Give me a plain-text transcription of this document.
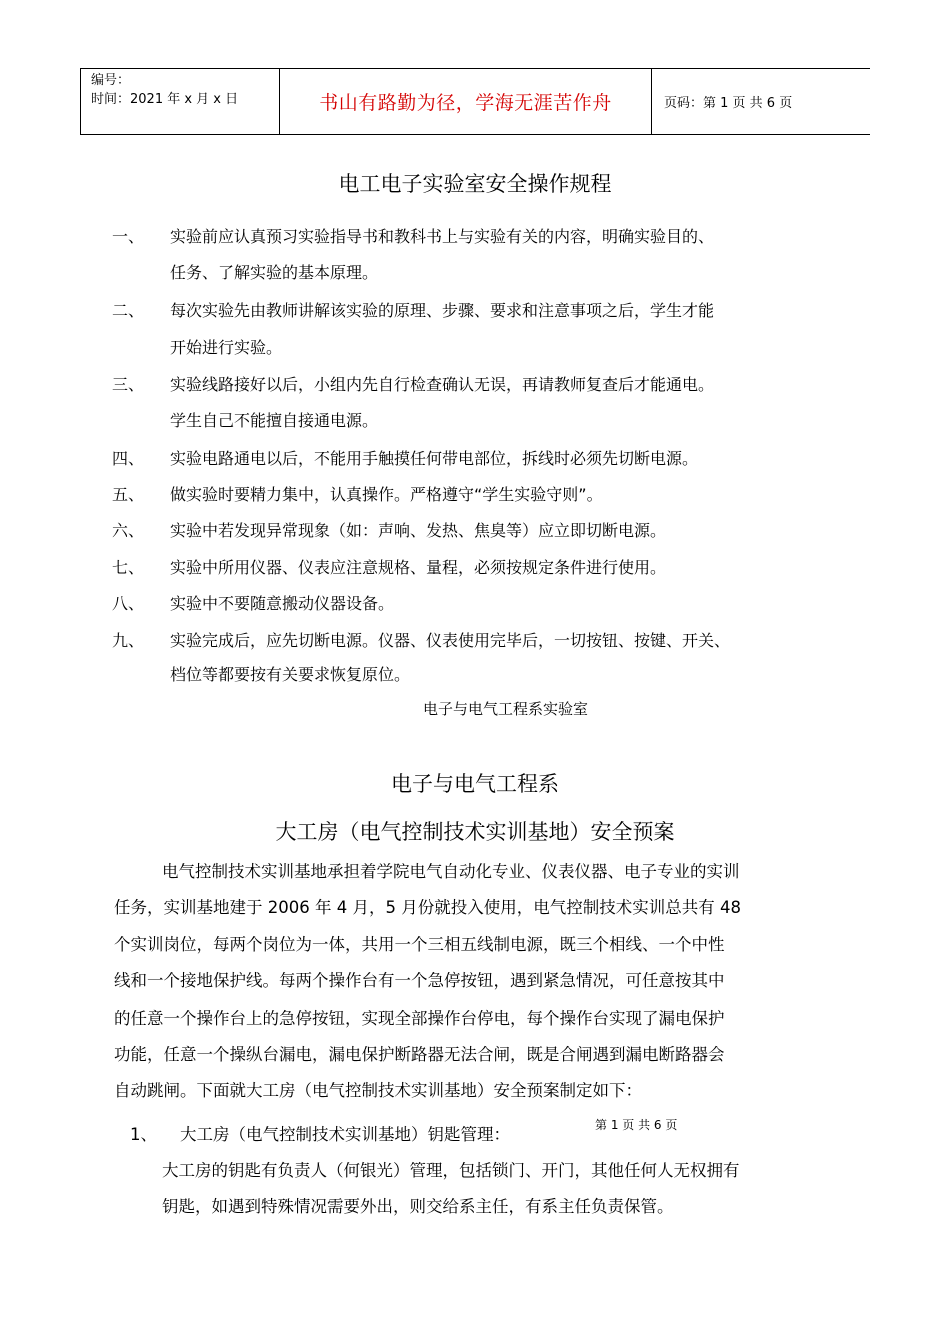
编号：
时间：2021 年 x 月 x 日	书山有路勤为径，学海无涯苦作舟	页码：第 1 页 共 6 页
电工电子实验室安全操作规程
一、 实验前应认真预习实验指导书和教科书上与实验有关的内容，明确实验目的、
任务、了解实验的基本原理。
二、 每次实验先由教师讲解该实验的原理、步骤、要求和注意事项之后，学生才能
开始进行实验。
三、 实验线路接好以后，小组内先自行检查确认无误，再请教师复查后才能通电。
学生自己不能擅自接通电源。
四、 实验电路通电以后，不能用手触摸任何带电部位，拆线时必须先切断电源。
五、 做实验时要精力集中，认真操作。严格遵守“学生实验守则”。
六、 实验中若发现异常现象（如：声响、发热、焦臭等）应立即切断电源。
七、 实验中所用仪器、仪表应注意规格、量程，必须按规定条件进行使用。
八、 实验中不要随意搬动仪器设备。
九、 实验完成后，应先切断电源。仪器、仪表使用完毕后，一切按钮、按键、开关、
档位等都要按有关要求恢复原位。
电子与电气工程系实验室
电子与电气工程系
大工房（电气控制技术实训基地）安全预案
电气控制技术实训基地承担着学院电气自动化专业、仪表仪器、电子专业的实训
任务，实训基地建于 2006 年 4 月，5 月份就投入使用，电气控制技术实训总共有 48
个实训岗位，每两个岗位为一体，共用一个三相五线制电源，既三个相线、一个中性
线和一个接地保护线。每两个操作台有一个急停按钮，遇到紧急情况，可任意按其中
的任意一个操作台上的急停按钮，实现全部操作台停电，每个操作台实现了漏电保护
功能，任意一个操纵台漏电，漏电保护断路器无法合闸，既是合闸遇到漏电断路器会
自动跳闸。下面就大工房（电气控制技术实训基地）安全预案制定如下：
1、 大工房（电气控制技术实训基地）钥匙管理：	第 1 页 共 6 页
大工房的钥匙有负责人（何银光）管理，包括锁门、开门，其他任何人无权拥有
钥匙，如遇到特殊情况需要外出，则交给系主任，有系主任负责保管。
